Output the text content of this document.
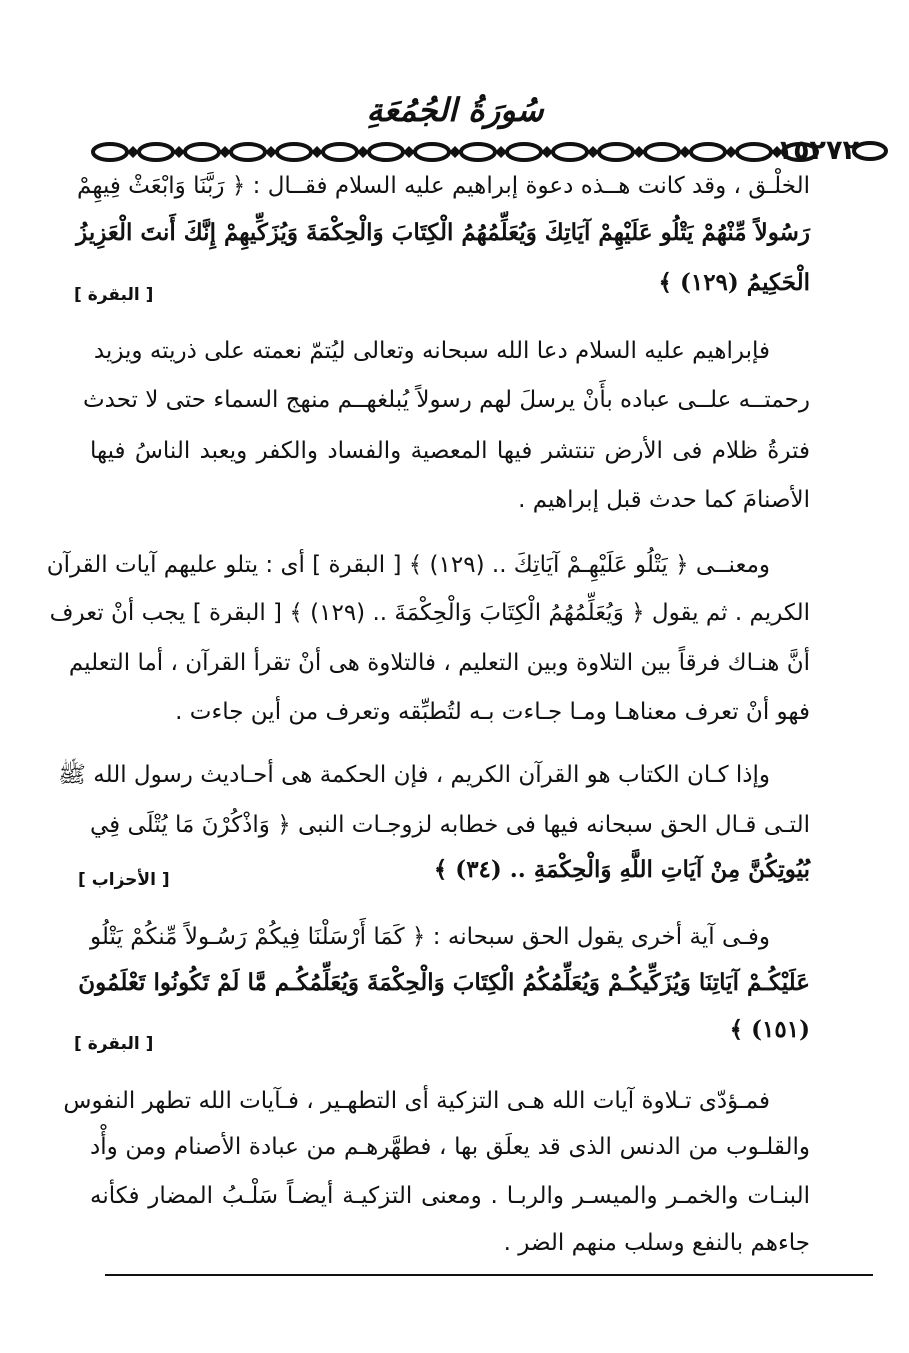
سُورَةُ الجُمُعَةِ
١٥٢٧٢
الخلْـق ، وقد كانت هــذه دعوة إبراهيم عليه السلام فقــال : ﴿ رَبَّنَا وَابْعَثْ فِيهِمْ
رَسُولاً مِّنْهُمْ يَتْلُو عَلَيْهِمْ آيَاتِكَ وَيُعَلِّمُهُمُ الْكِتَابَ وَالْحِكْمَةَ وَيُزَكِّيهِمْ إِنَّكَ أَنتَ الْعَزِيزُ
الْحَكِيمُ (١٢٩) ﴾
فإبراهيم عليه السلام دعا الله سبحانه وتعالى ليُتمّ نعمته على ذريته ويزيد
رحمتــه علــى عباده بأَنْ يرسلَ لهم رسولاً يُبلغهــم منهج السماء حتى لا تحدث
فترةُ ظلام فى الأرض تنتشر فيها المعصية والفساد والكفر ويعبد الناسُ فيها
الأصنامَ كما حدث قبل إبراهيم .
ومعنــى ﴿ يَتْلُو عَلَيْهِـمْ آيَاتِكَ .. (١٢٩) ﴾ [ البقرة ] أى : يتلو عليهم آيات القرآن
الكريم . ثم يقول ﴿ وَيُعَلِّمُهُمُ الْكِتَابَ وَالْحِكْمَةَ .. (١٢٩) ﴾ [ البقرة ] يجب أنْ تعرف
أنَّ هنـاك فرقاً بين التلاوة وبين التعليم ، فالتلاوة هى أنْ تقرأ القرآن ، أما التعليم
فهو أنْ تعرف معناهـا ومـا جـاءت بـه لتُطبِّقه وتعرف من أين جاءت .
وإذا كـان الكتاب هو القرآن الكريم ، فإن الحكمة هى أحـاديث رسول الله ﷺ
التـى قـال الحق سبحانه فيها فى خطابه لزوجـات النبى ﴿ وَاذْكُرْنَ مَا يُتْلَى فِي
بُيُوتِكُنَّ مِنْ آيَاتِ اللَّهِ وَالْحِكْمَةِ .. (٣٤) ﴾
وفـى آية أخرى يقول الحق سبحانه : ﴿ كَمَا أَرْسَلْنَا فِيكُمْ رَسُـولاً مِّنكُمْ يَتْلُو
عَلَيْكُـمْ آيَاتِنَا وَيُزَكِّيكُـمْ وَيُعَلِّمُكُمُ الْكِتَابَ وَالْحِكْمَةَ وَيُعَلِّمُكُـم مَّا لَمْ تَكُونُوا تَعْلَمُونَ
(١٥١) ﴾
فمـؤدّى تـلاوة آيات الله هـى التزكية أى التطهـير ، فـآيات الله تطهر النفوس
والقلـوب من الدنس الذى قد يعلَق بها ، فطهَّرهـم من عبادة الأصنام ومن وأْد
البنـات والخمـر والميسـر والربـا . ومعنى التزكيـة أيضـاً سَلْـبُ المضار فكأنه
جاءهم بالنفع وسلب منهم الضر .
[ البقرة ]
[ الأحزاب ]
[ البقرة ]
